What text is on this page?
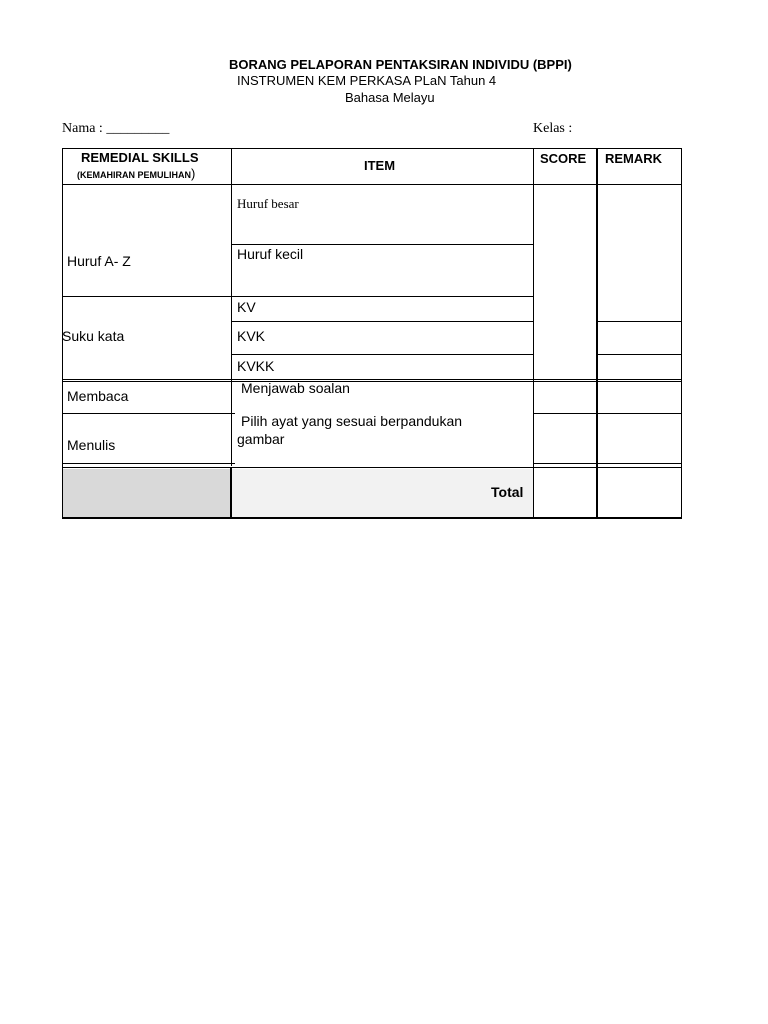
BORANG PELAPORAN PENTAKSIRAN INDIVIDU (BPPI)
INSTRUMEN KEM PERKASA PLaN Tahun 4
Bahasa Melayu
Nama : _________	Kelas :
REMEDIAL SKILLS
(KEMAHIRAN PEMULIHAN)
ITEM	SCORE REMARK
Huruf A- Z
Suku kata
Membaca
Menulis
Huruf besar
Huruf kecil
KV
KVK
KVKK
Menjawab soalan
Pilih ayat yang sesuai berpandukan
gambar
Total
